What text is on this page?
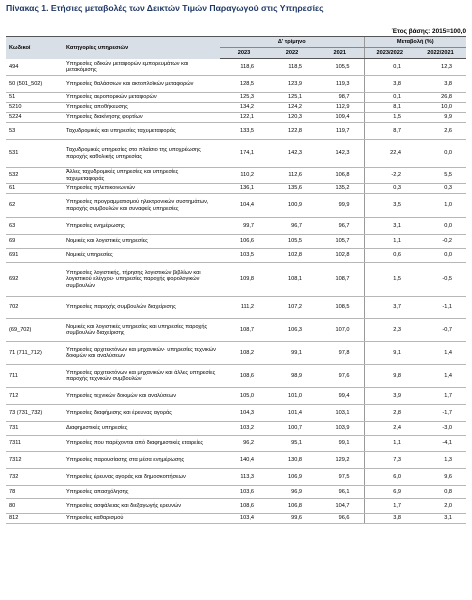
Πίνακας 1. Ετήσιες μεταβολές των Δεικτών Τιμών Παραγωγού στις Υπηρεσίες
Έτος βάσης: 2015=100,0
Κωδικοί	Κατηγορίες υπηρεσιών	Δ' τρίμηνο			Μεταβολή (%)	
		2023	2022	2021	2023/2022	2022/2021
494	Υπηρεσίες οδικών μεταφορών εμπορευμάτων και μετακόμισης	118,6	118,5	105,5	0,1	12,3
50 (501_502)	Υπηρεσίες θαλάσσιων και ακτοπλοϊκών μεταφορών	128,5	123,9	119,3	3,8	3,8
51	Υπηρεσίες αεροπορικών μεταφορών	125,3	125,1	98,7	0,1	26,8
5210	Υπηρεσίες αποθήκευσης	134,2	124,2	112,9	8,1	10,0
5224	Υπηρεσίες διακίνησης φορτίων	122,1	120,3	109,4	1,5	9,9
53	Ταχυδρομικές και υπηρεσίες ταχυμεταφοράς	133,5	122,8	119,7	8,7	2,6
531	Ταχυδρομικές υπηρεσίες στο πλαίσιο της υποχρέωσης παροχής καθολικής υπηρεσίας	174,1	142,3	142,3	22,4	0,0
532	Άλλες ταχυδρομικές υπηρεσίες και υπηρεσίες ταχυμεταφοράς	110,2	112,6	106,8	-2,2	5,5
61	Υπηρεσίες τηλεπικοινωνιών	136,1	135,6	135,2	0,3	0,3
62	Υπηρεσίες προγραμματισμού ηλεκτρονικών συστημάτων, παροχής συμβουλών και συναφείς υπηρεσίες	104,4	100,9	99,9	3,5	1,0
63	Υπηρεσίες ενημέρωσης	99,7	96,7	96,7	3,1	0,0
69	Νομικές και λογιστικές υπηρεσίες	106,6	105,5	105,7	1,1	-0,2
691	Νομικές υπηρεσίες	103,5	102,8	102,8	0,6	0,0
692	Υπηρεσίες λογιστικής, τήρησης λογιστικών βιβλίων και λογιστικού ελέγχου· υπηρεσίες παροχής φορολογικών συμβουλών	109,8	108,1	108,7	1,5	-0,5
702	Υπηρεσίες παροχής συμβουλών διαχείρισης	111,2	107,2	108,5	3,7	-1,1
(69_702)	Νομικές και λογιστικές υπηρεσίες και υπηρεσίες παροχής συμβουλών διαχείρισης	108,7	106,3	107,0	2,3	-0,7
71 (711_712)	Υπηρεσίες αρχιτεκτόνων και μηχανικών· υπηρεσίες τεχνικών δοκιμών και αναλύσεων	108,2	99,1	97,8	9,1	1,4
711	Υπηρεσίες αρχιτεκτόνων και μηχανικών και άλλες υπηρεσίες παροχής τεχνικών συμβουλών	108,6	98,9	97,6	9,8	1,4
712	Υπηρεσίες τεχνικών δοκιμών και αναλύσεων	105,0	101,0	99,4	3,9	1,7
73 (731_732)	Υπηρεσίες διαφήμισης και έρευνας αγοράς	104,3	101,4	103,1	2,8	-1,7
731	Διαφημιστικές υπηρεσίες	103,2	100,7	103,9	2,4	-3,0
7311	Υπηρεσίες που παρέχονται από διαφημιστικές εταιρείες	96,2	95,1	99,1	1,1	-4,1
7312	Υπηρεσίες παρουσίασης στα μέσα ενημέρωσης	140,4	130,8	129,2	7,3	1,3
732	Υπηρεσίες έρευνας αγοράς και δημοσκοπήσεων	113,3	106,9	97,5	6,0	9,6
78	Υπηρεσίες απασχόλησης	103,6	96,9	96,1	6,9	0,8
80	Υπηρεσίες ασφάλειας και διεξαγωγής ερευνών	108,6	106,8	104,7	1,7	2,0
812	Υπηρεσίες καθαρισμού	103,4	99,6	96,6	3,8	3,1
